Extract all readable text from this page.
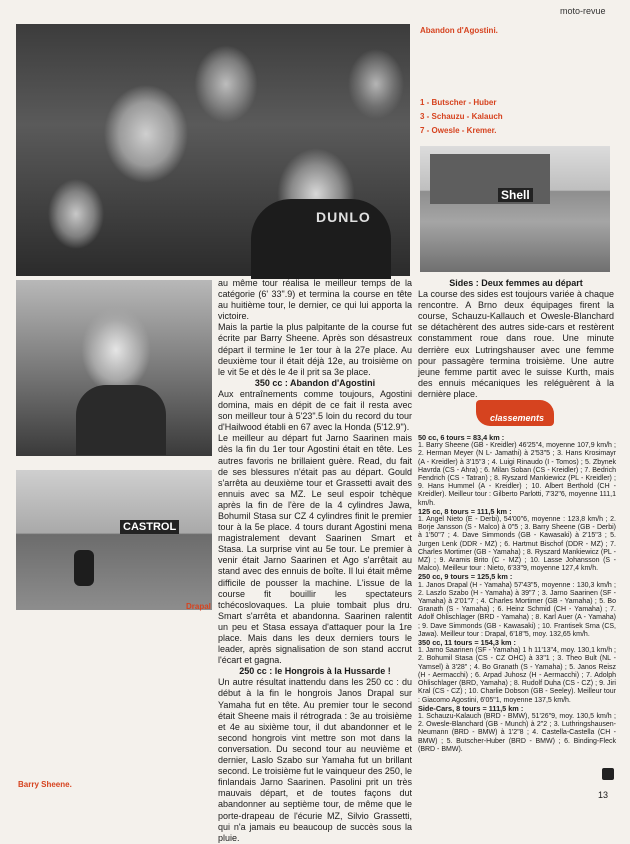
moto-revue
DUNLO
Abandon d'Agostini.
1 - Butscher - Huber
3 - Schauzu - Kalauch
7 - Owesle - Kremer.
Shell
CASTROL
Drapal
Barry Sheene.

au même tour réalisa le meilleur temps de la catégorie (6' 33".9) et termina la course en tête au huitième tour, le dernier, ce qui lui apporta la victoire.

Mais la partie la plus palpitante de la course fut écrite par Barry Sheene. Après son désastreux départ il termine le 1er tour à la 27e place. Au deuxième tour il était déjà 12e, au troisième on le vit 5e et dès le 4e il prit sa 3e place.

350 cc : Abandon d'Agostini

Aux entraînements comme toujours, Agostini domina, mais en dépit de ce fait il resta avec son meilleur tour à 5'23".5 loin du record du tour d'Hailwood établi en 67 avec la Honda (5'12.9").

Le meilleur au départ fut Jarno Saarinen mais dès la fin du 1er tour Agostini était en tête. Les autres favoris ne brillaient guère. Read, du fait de ses blessures n'était pas au départ. Gould s'arrêta au deuxième tour et Grassetti avait des ennuis avec sa MZ. Le seul espoir tchèque après la fin de l'ère de la 4 cylindres Jawa, Bohumil Stasa sur CZ 4 cylindres finit le premier tour à la 5e place. 4 tours durant Agostini mena magistralement devant Saarinen Smart et Stasa. La surprise vint au 5e tour. Le premier à venir était Jarno Saarinen et Ago s'arrêtait au stand avec des ennuis de boîte. Il lui était même difficile de pousser la machine. L'issue de la course fit bouillir les spectateurs tchécoslovaques. La pluie tombait plus dru. Smart s'arrêta et abandonna. Saarinen ralentit un peu et Stasa essaya d'attaquer pour la 1re place. Mais dans les deux derniers tours le leader, après signalisation de son stand accrut l'écart et gagna.

250 cc : le Hongrois à la Hussarde !

Un autre résultat inattendu dans les 250 cc : du début à la fin le hongrois Janos Drapal sur Yamaha fut en tête. Au premier tour le second était Sheene mais il rétrograda : 3e au troisième et 4e au sixième tour, il dut abandonner et le second hongrois vint mettre son mot dans la conversation. Du second tour au neuvième et dernier, Laslo Szabo sur Yamaha fut un brillant second. Le troisième fut le vainqueur des 250, le finlandais Jarno Saarinen. Pasolini prit un très mauvais départ, et de toutes façons dut abandonner au septième tour, de même que le porte-drapeau de l'écurie MZ, Silvio Grassetti, qui n'a jamais eu beaucoup de succès sous la pluie.

Sides : Deux femmes au départ

La course des sides est toujours variée à chaque rencontre. A Brno deux équipages firent la course, Schauzu-Kallauch et Owesle-Blanchard se détachèrent des autres side-cars et restèrent constamment roue dans roue. Une minute derrière eux Lutringshauser avec une femme pour passagère termina troisième. Une autre jeune femme partit avec le suisse Kurth, mais des ennuis mécaniques les reléguèrent à la dernière place.

classements

50 cc, 6 tours = 83,4 km :

1. Barry Sheene (GB - Kreidler) 46'25"4, moyenne 107,9 km/h ; 2. Herman Meyer (N L- Jamathi) à 2'53"5 ; 3. Hans Krosimayr (A - Kreidler) à 3'15"3 ; 4. Luigi Rinaudo (I - Tomos) ; 5. Zbynek Havrda (CS - Ahra) ; 6. Milan Soban (CS - Kreidler) ; 7. Bedrich Fendrich (CS - Tatran) ; 8. Ryszard Mankiewicz (PL - Kreidler) ; 9. Hans Hummel (A - Kreidler) ; 10. Albert Berthold (CH - Kreidler). Meilleur tour : Gilberto Parlotti, 7'32"6, moyenne 111,1 km/h.

125 cc, 8 tours = 111,5 km :

1. Angel Nieto (E - Derbi), 54'00"6, moyenne : 123,8 km/h ; 2. Borje Jansson (S - Malco) à 0"5 ; 3. Barry Sheene (GB - Derbi) à 1'50"7 ; 4. Dave Simmonds (GB - Kawasaki) à 2'15"3 ; 5. Jurgen Lenk (DDR - MZ) ; 6. Hartmut Bischof (DDR - MZ) ; 7. Charles Mortimer (GB - Yamaha) ; 8. Ryszard Mankiewicz (PL - MZ) ; 9. Aramis Brito (C - MZ) ; 10. Lasse Johansson (S - Malco). Meilleur tour : Nieto, 6'33"9, moyenne 127,4 km/h.

250 cc, 9 tours = 125,5 km :

1. Janos Drapal (H - Yamaha) 57'43"5, moyenne : 130,3 km/h ; 2. Laszlo Szabo (H - Yamaha) à 39"7 ; 3. Jarno Saarinen (SF - Yamaha) à 2'01"7 ; 4. Charles Mortimer (GB - Yamaha) ; 5. Bo Granath (S - Yamaha) ; 6. Heinz Schmid (CH - Yamaha) ; 7. Adolf Ohlischlager (BRD - Yamaha) ; 8. Karl Auer (A - Yamaha) ; 9. Dave Simmonds (GB - Kawasaki) ; 10. Frantisek Srna (CS, Jawa). Meilleur tour : Drapal, 6'18"5, moy. 132,65 km/h.

350 cc, 11 tours = 154,3 km :

1. Jarno Saarinen (SF - Yamaha) 1 h 11'13"4, moy. 130,1 km/h ; 2. Bohumil Stasa (CS - CZ OHC) à 33"1 ; 3. Theo Bult (NL - Yamsel) à 3'28" ; 4. Bo Granath (S - Yamaha) ; 5. Janos Reisz (H - Aermacchi) ; 6. Arpad Juhosz (H - Aermacchi) ; 7. Adolph Ohlischlager (BRD, Yamaha) ; 8. Rudolf Duha (CS - CZ) ; 9. Jiri Kral (CS - CZ) ; 10. Charlie Dobson (GB - Seeley). Meilleur tour : Giacomo Agostini, 6'05"1, moyenne 137,5 km/h.

Side-Cars, 8 tours = 111,5 km :

1. Schauzu-Kalauch (BRD - BMW), 51'26"9, moy. 130,5 km/h ; 2. Owesle-Blanchard (GB - Munch) à 2"2 ; 3. Luthringshausen-Neumann (BRD - BMW) à 1'2"8 ; 4. Castella-Castella (CH - BMW) ; 5. Butscher-Huber (BRD - BMW) ; 6. Binding-Fleck (BRD - BMW).

13
